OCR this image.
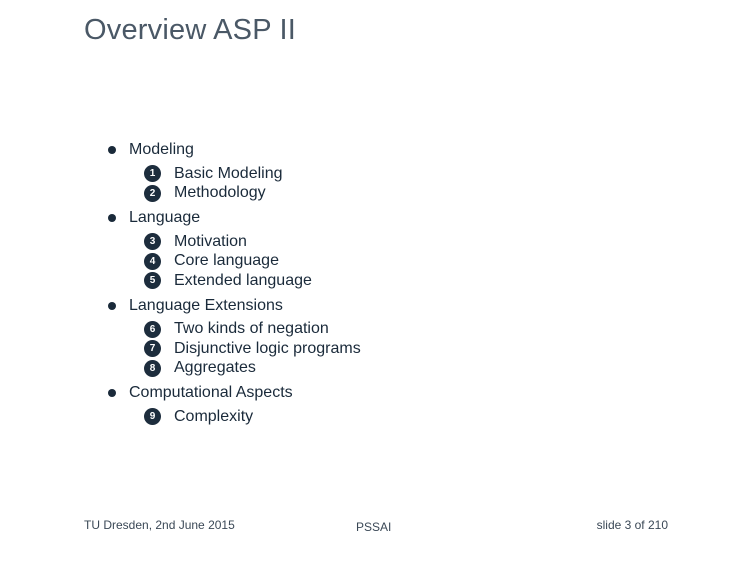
Overview ASP II
Modeling
1	Basic Modeling
2	Methodology
Language
3	Motivation
4	Core language
5	Extended language
Language Extensions
6	Two kinds of negation
7	Disjunctive logic programs
8	Aggregates
Computational Aspects
9	Complexity
TU Dresden, 2nd June 2015	PSSAI	slide 3 of 210
